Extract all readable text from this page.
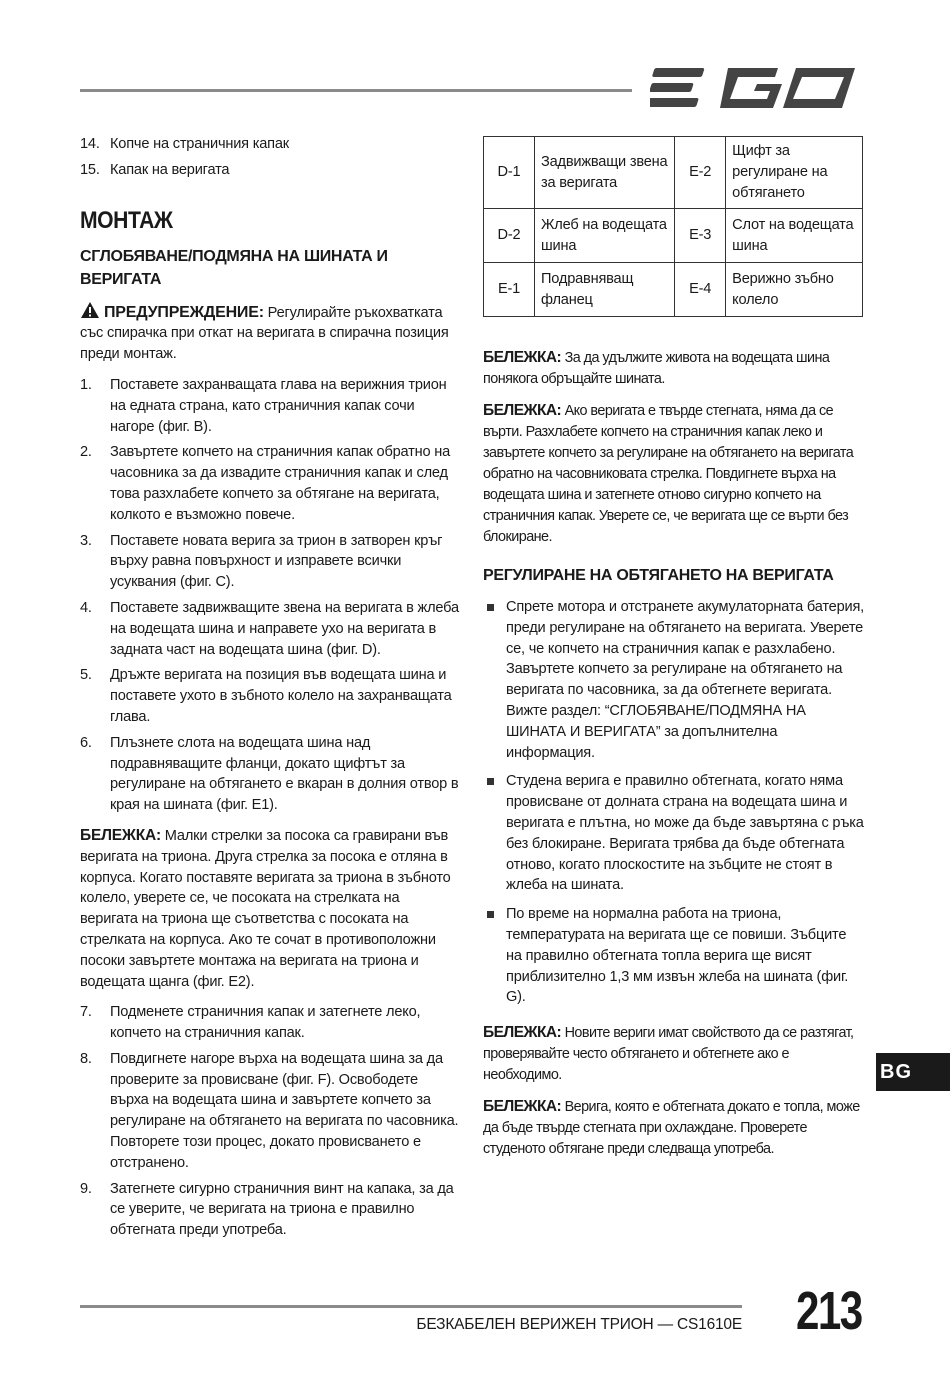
14. Копче на страничния капак
15. Капак на веригата
МОНТАЖ
СГЛОБЯВАНЕ/ПОДМЯНА НА ШИНАТА И ВЕРИГАТА

ПРЕДУПРЕЖДЕНИЕ: Регулирайте ръкохватката със спирачка при откат на веригата в спирачна позиция преди монтаж.

1.	Поставете захранващата глава на верижния трион на едната страна, като страничния капак сочи нагоре (фиг. B).
2.	Завъртете копчето на страничния капак обратно на часовника за да извадите страничния капак и след това разхлабете копчето за обтягане на веригата, колкото е възможно повече.
3.	Поставете новата верига за трион в затворен кръг върху равна повърхност и изправете всички усуквания (фиг. C).
4.	Поставете задвижващите звена на веригата в жлеба на водещата шина и направете ухо на веригата в задната част на водещата шина (фиг. D).
5.	Дръжте веригата на позиция във водещата шина и поставете ухото в зъбното колело на захранващата глава.
6.	Плъзнете слота на водещата шина над подравняващите фланци, докато щифтът за регулиране на обтягането е вкаран в долния отвор в края на шината (фиг. E1).

БЕЛЕЖКА: Малки стрелки за посока са гравирани във веригата на триона. Друга стрелка за посока е отляна в корпуса. Когато поставяте веригата за триона в зъбното колело, уверете се, че посоката на стрелката на веригата на триона ще съответства с посоката на стрелката на корпуса. Ако те сочат в противоположни посоки завъртете монтажа на веригата на триона и водещата щанга (фиг. E2).

7.	Подменете страничния капак и затегнете леко, копчето на страничния капак.
8.	Повдигнете нагоре върха на водещата шина за да проверите за провисване (фиг. F). Освободете върха на водещата шина и завъртете копчето за регулиране на обтягането на веригата по часовника. Повторете този процес, докато провисването е отстранено.
9.	Затегнете сигурно страничния винт на капака, за да се уверите, че веригата на триона е правилно обтегната преди употреба.
D-1	Задвижващи звена за веригата	E-2	Щифт за регулиране на обтягането
D-2	Жлеб на водещата шина	E-3	Слот на водещата шина
E-1	Подравняващ фланец	E-4	Верижно зъбно колело

БЕЛЕЖКА: За да удължите живота на водещата шина понякога обръщайте шината.

БЕЛЕЖКА: Ако веригата е твърде стегната, няма да се върти. Разхлабете копчето на страничния капак леко и завъртете копчето за регулиране на обтягането на веригата обратно на часовниковата стрелка. Повдигнете върха на водещата шина и затегнете отново сигурно копчето на страничния капак. Уверете се, че веригата ще се върти без блокиране.

РЕГУЛИРАНЕ НА ОБТЯГАНЕТО НА ВЕРИГАТА
Спрете мотора и отстранете акумулаторната батерия, преди регулиране на обтягането на веригата. Уверете се, че копчето на страничния капак е разхлабено. Завъртете копчето за регулиране на обтягането на веригата по часовника, за да обтегнете веригата. Вижте раздел: “СГЛОБЯВАНЕ/ПОДМЯНА НА ШИНАТА И ВЕРИГАТА” за допълнителна информация.
Студена верига е правилно обтегната, когато няма провисване от долната страна на водещата шина и веригата е плътна, но може да бъде завъртяна с ръка без блокиране. Веригата трябва да бъде обтегната отново, когато плоскостите на зъбците не стоят в жлеба на шината.
По време на нормална работа на триона, температурата на веригата ще се повиши. Зъбците на правилно обтегната топла верига ще висят приблизително 1,3 мм извън жлеба на шината (фиг. G).

БЕЛЕЖКА: Новите вериги имат свойството да се разтягат, проверявайте често обтягането и обтегнете ако е необходимо.

БЕЛЕЖКА: Верига, която е обтегната докато е топла, може да бъде твърде стегната при охлаждане. Проверете студеното обтягане преди следваща употреба.

BG
БЕЗКАБЕЛЕН ВЕРИЖЕН ТРИОН — CS1610E 213
